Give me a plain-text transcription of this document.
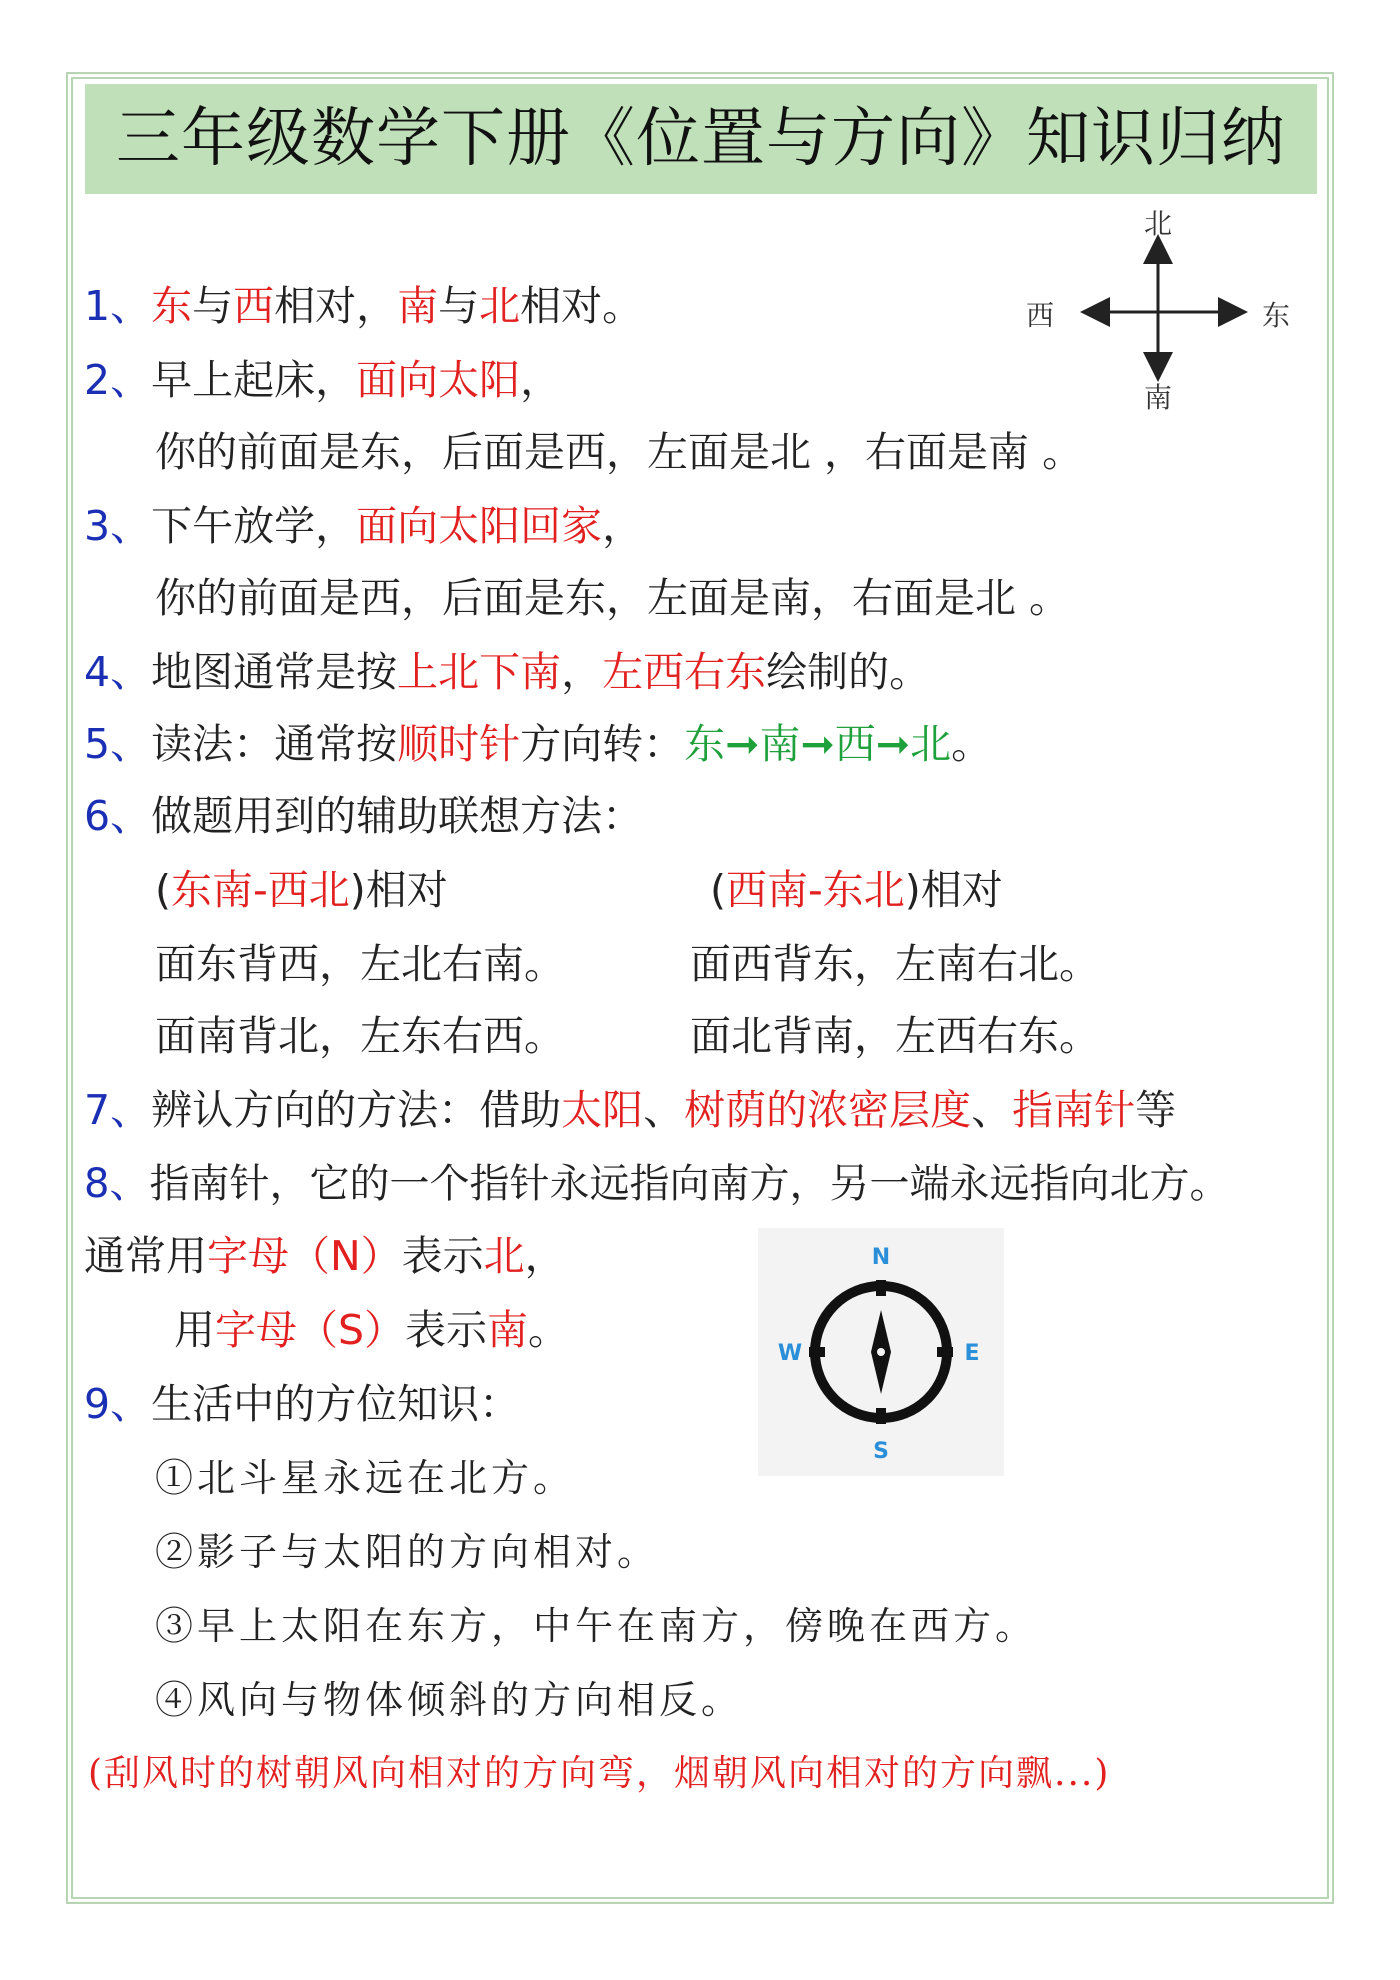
三年级数学下册《位置与方向》知识归纳
北
南
西	东
1、东与西相对，南与北相对。
2、早上起床，面向太阳，
你的前面是东，后面是西，左面是北 ，右面是南 。
3、下午放学，面向太阳回家，
你的前面是西，后面是东，左面是南，右面是北 。
4、地图通常是按上北下南，左西右东绘制的。
5、读法：通常按顺时针方向转：东➞南➞西➞北。
6、做题用到的辅助联想方法：
(东南-西北)相对	(西南-东北)相对
面东背西，左北右南。	面西背东，左南右北。
面南背北，左东右西。	面北背南，左西右东。
7、辨认方向的方法：借助太阳、树荫的浓密层度、指南针等
8、指南针，它的一个指针永远指向南方，另一端永远指向北方。
通常用字母（N）表示北，
用字母（S）表示南。
N
S
W	E
9、生活中的方位知识：
①北斗星永远在北方。
②影子与太阳的方向相对。
③早上太阳在东方，中午在南方，傍晚在西方。
④风向与物体倾斜的方向相反。
(刮风时的树朝风向相对的方向弯，烟朝风向相对的方向飘...)
